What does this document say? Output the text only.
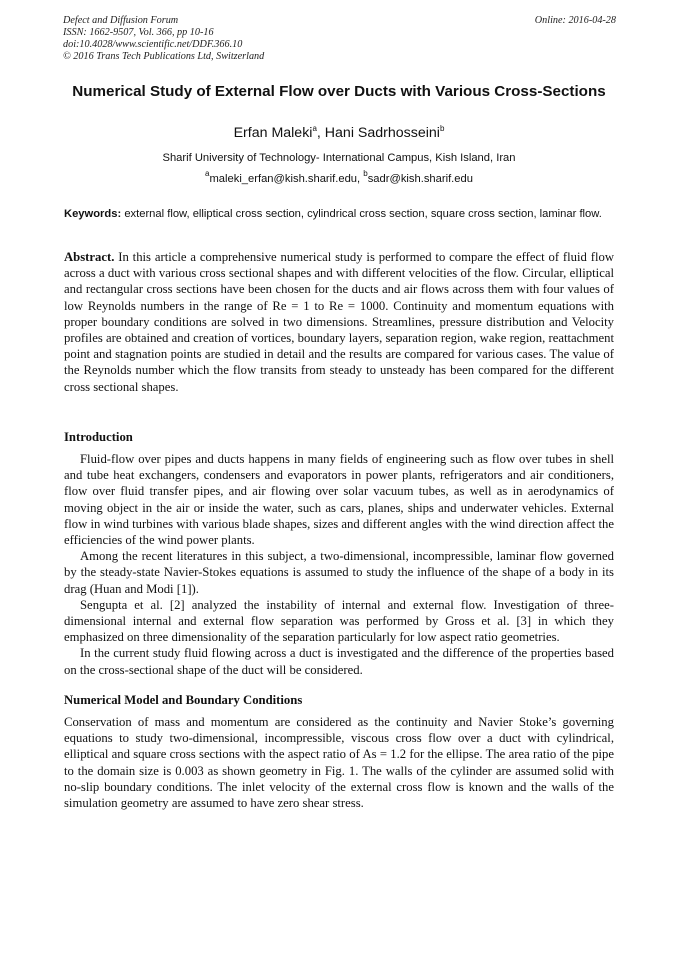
Defect and Diffusion Forum
ISSN: 1662-9507, Vol. 366, pp 10-16
doi:10.4028/www.scientific.net/DDF.366.10
© 2016 Trans Tech Publications Ltd, Switzerland
Online: 2016-04-28
Numerical Study of External Flow over Ducts with Various Cross-Sections
Erfan Maleki$^a$, Hani Sadrhosseini$^b$
Sharif University of Technology- International Campus, Kish Island, Iran
$^a$maleki_erfan@kish.sharif.edu, $^b$sadr@kish.sharif.edu
Keywords: external flow, elliptical cross section, cylindrical cross section, square cross section, laminar flow.
Abstract. In this article a comprehensive numerical study is performed to compare the effect of fluid flow across a duct with various cross sectional shapes and with different velocities of the flow. Circular, elliptical and rectangular cross sections have been chosen for the ducts and air flows across them with four values of low Reynolds numbers in the range of Re = 1 to Re = 1000. Continuity and momentum equations with proper boundary conditions are solved in two dimensions. Streamlines, pressure distribution and Velocity profiles are obtained and creation of vortices, boundary layers, separation region, wake region, reattachment point and stagnation points are studied in detail and the results are compared for various cases. The value of the Reynolds number which the flow transits from steady to unsteady has been compared for the different cross sectional shapes.
Introduction

Fluid-flow over pipes and ducts happens in many fields of engineering such as flow over tubes in shell and tube heat exchangers, condensers and evaporators in power plants, refrigerators and air conditioners, flow over fluid transfer pipes, and air flowing over solar vacuum tubes, as well as in aerodynamics of moving object in the air or inside the water, such as cars, planes, ships and underwater vehicles. External flow in wind turbines with various blade shapes, sizes and different angles with the wind direction affect the efficiencies of the wind power plants.

Among the recent literatures in this subject, a two-dimensional, incompressible, laminar flow governed by the steady-state Navier-Stokes equations is assumed to study the influence of the shape of a body in its drag (Huan and Modi [1]).

Sengupta et al. [2] analyzed the instability of internal and external flow. Investigation of three-dimensional internal and external flow separation was performed by Gross et al. [3] in which they emphasized on three dimensionality of the separation particularly for low aspect ratio geometries.

In the current study fluid flowing across a duct is investigated and the difference of the properties based on the cross-sectional shape of the duct will be considered.

Numerical Model and Boundary Conditions

Conservation of mass and momentum are considered as the continuity and Navier Stoke’s governing equations to study two-dimensional, incompressible, viscous cross flow over a duct with cylindrical, elliptical and square cross sections with the aspect ratio of As = 1.2 for the ellipse. The area ratio of the pipe to the domain size is 0.003 as shown geometry in Fig. 1. The walls of the cylinder are assumed solid with no-slip boundary conditions. The inlet velocity of the external cross flow is known and the walls of the simulation geometry are assumed to have zero shear stress.
